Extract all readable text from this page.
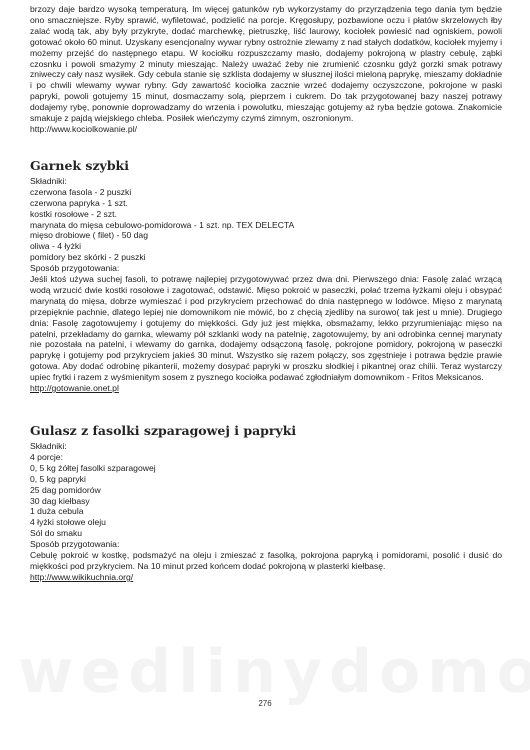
brzozy daje bardzo wysoką temperaturą. Im więcej gatunków ryb wykorzystamy do przyrządzenia tego dania tym będzie ono smaczniejsze. Ryby sprawić, wyfiletować, podzielić na porcje. Kręgosłupy, pozbawione oczu i płatów skrzelowych łby zalać wodą tak, aby były przykryte, dodać marchewkę, pietruszkę, liść laurowy, kociołek powiesić nad ogniskiem, powoli gotować około 60 minut. Uzyskany esencjonalny wywar rybny ostrożnie zlewamy z nad stałych dodatków, kociołek myjemy i możemy przejść do następnego etapu. W kociołku rozpuszczamy masło, dodajemy pokrojoną w plastry cebulę, ząbki czosnku i powoli smażymy 2 minuty mieszając. Należy uważać żeby nie zrumienić czosnku gdyż gorzki smak potrawy zniweczy cały nasz wysiłek. Gdy cebula stanie się szklista dodajemy w słusznej ilości mieloną paprykę, mieszamy dokładnie i po chwili wlewamy wywar rybny. Gdy zawartość kociołka zacznie wrzeć dodajemy oczyszczone, pokrojone w paski papryki, powoli gotujemy 15 minut, dosmaczamy solą, pieprzem i cukrem. Do tak przygotowanej bazy naszej potrawy dodajemy rybę, ponownie doprowadzamy do wrzenia i powolutku, mieszając gotujemy aż ryba będzie gotowa. Znakomicie smakuje z pajdą wiejskiego chleba. Posiłek wieńczymy czymś zimnym, oszronionym.

http://www.kociolkowanie.pl/
Garnek szybki
Składniki:
czerwona fasola - 2 puszki
czerwona papryka - 1 szt.
kostki rosołowe - 2 szt.
marynata do mięsa cebulowo-pomidorowa - 1 szt. np. TEX DELECTA
mięso drobiowe ( filet) - 50 dag
oliwa - 4 łyżki
pomidory bez skórki - 2 puszki
Sposób przygotowania:

Jeśli ktoś używa suchej fasoli, to potrawę najlepiej przygotowywać przez dwa dni. Pierwszego dnia: Fasolę zalać wrzącą wodą wrzucić dwie kostki rosołowe i zagotować, odstawić. Mięso pokroić w paseczki, połać trzema łyżkami oleju i obsypać marynatą do mięsa, dobrze wymieszać i pod przykryciem przechować do dnia następnego w lodówce. Mięso z marynatą przepięknie pachnie, dlatego lepiej nie domownikom nie mówić, bo z chęcią zjedliby na surowo( tak jest u mnie). Drugiego dnia: Fasolę zagotowujemy i gotujemy do miękkości. Gdy już jest miękka, obsmażamy, lekko przyrumieniając mięso na patelni, przekładamy do garnka, wlewamy pół szklanki wody na patelnię, zagotowujemy, by ani odrobinka cennej marynaty nie pozostała na patelni, i wlewamy do garnka, dodajemy odsączoną fasolę, pokrojone pomidory, pokrojoną w paseczki paprykę i gotujemy pod przykryciem jakieś 30 minut. Wszystko się razem połączy, sos zgęstnieje i potrawa będzie prawie gotowa. Aby dodać odrobinę pikanterii, możemy dosypać papryki w proszku słodkiej i pikantnej oraz chilii. Teraz wystarczy upiec frytki i razem z wyśmienitym sosem z pysznego kociołka podawać zgłodniałym domownikom - Fritos Meksicanos.

http://gotowanie.onet.pl
Gulasz z fasolki szparagowej i papryki
Składniki:
4 porcje:
0, 5 kg żółtej fasolki szparagowej
0, 5 kg papryki
25 dag pomidorów
30 dag kiełbasy
1 duża cebula
4 łyżki stołowe oleju
Sól do smaku
Sposób przygotowania:

Cebulę pokroić w kostkę, podsmażyć na oleju i zmieszać z fasolką, pokrojona papryką i pomidorami, posolić i dusić do miękkości pod przykryciem. Na 10 minut przed końcem dodać pokrojoną w plasterki kiełbasę.

http://www.wikikuchnia.org/
276
